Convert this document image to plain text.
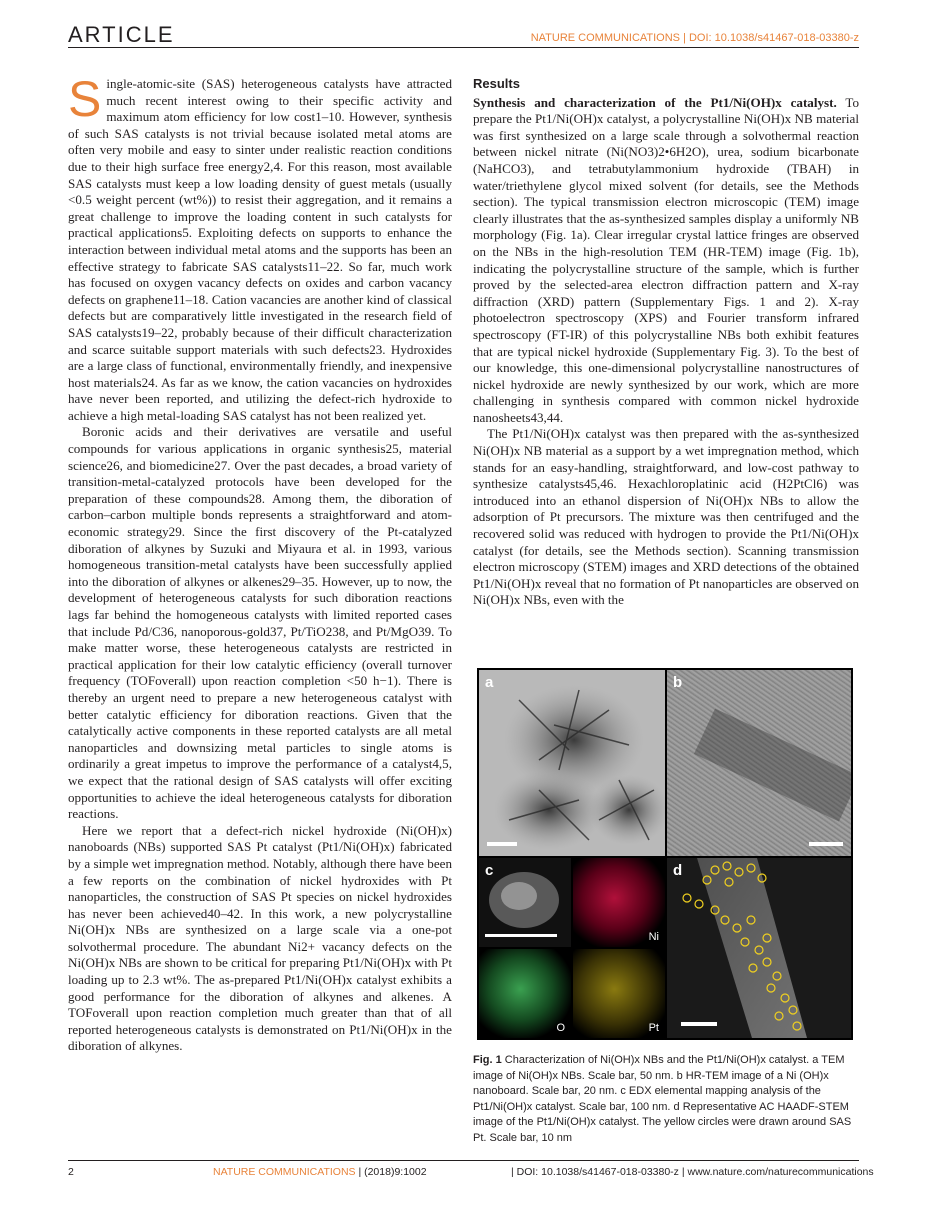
ARTICLE	NATURE COMMUNICATIONS | DOI: 10.1038/s41467-018-03380-z

Single-atomic-site (SAS) heterogeneous catalysts have attracted much recent interest owing to their specific activity and maximum atom efficiency for low cost1–10. However, synthesis of such SAS catalysts is not trivial because isolated metal atoms are often very mobile and easy to sinter under realistic reaction conditions due to their high surface free energy2,4. For this reason, most available SAS catalysts must keep a low loading density of guest metals (usually <0.5 weight percent (wt%)) to resist their aggregation, and it remains a great challenge to improve the loading content in such catalysts for practical applications5. Exploiting defects on supports to enhance the interaction between individual metal atoms and the supports has been an effective strategy to fabricate SAS catalysts11–22. So far, much work has focused on oxygen vacancy defects on oxides and carbon vacancy defects on graphene11–18. Cation vacancies are another kind of classical defects but are comparatively little investigated in the research field of SAS catalysts19–22, probably because of their difficult characterization and scarce suitable support materials with such defects23. Hydroxides are a large class of functional, environmentally friendly, and inexpensive host materials24. As far as we know, the cation vacancies on hydroxides have never been reported, and utilizing the defect-rich hydroxide to achieve a high metal-loading SAS catalyst has not been realized yet.

Boronic acids and their derivatives are versatile and useful compounds for various applications in organic synthesis25, material science26, and biomedicine27. Over the past decades, a broad variety of transition-metal-catalyzed protocols have been developed for the preparation of these compounds28. Among them, the diboration of carbon–carbon multiple bonds represents a straightforward and atom-economic strategy29. Since the first discovery of the Pt-catalyzed diboration of alkynes by Suzuki and Miyaura et al. in 1993, various homogeneous transition-metal catalysts have been successfully applied into the diboration of alkynes or alkenes29–35. However, up to now, the development of heterogeneous catalysts for such diboration reactions lags far behind the homogeneous catalysts with limited reported cases that include Pd/C36, nanoporous-gold37, Pt/TiO238, and Pt/MgO39. To make matter worse, these heterogeneous catalysts are restricted in practical application for their low catalytic efficiency (overall turnover frequency (TOFoverall) upon reaction completion <50 h−1). There is thereby an urgent need to prepare a new heterogeneous catalyst with better catalytic efficiency for diboration reactions. Given that the catalytically active components in these reported catalysts are all metal nanoparticles and downsizing metal particles to single atoms is ordinarily a great impetus to improve the performance of a catalyst4,5, we expect that the rational design of SAS catalysts will offer exciting opportunities to achieve the ideal heterogeneous catalysts for diboration reactions.

Here we report that a defect-rich nickel hydroxide (Ni(OH)x) nanoboards (NBs) supported SAS Pt catalyst (Pt1/Ni(OH)x) fabricated by a simple wet impregnation method. Notably, although there have been a few reports on the combination of nickel hydroxides with Pt nanoparticles, the construction of SAS Pt species on nickel hydroxides has never been achieved40–42. In this work, a new polycrystalline Ni(OH)x NBs are synthesized on a large scale via a one-pot solvothermal procedure. The abundant Ni2+ vacancy defects on the Ni(OH)x NBs are shown to be critical for preparing Pt1/Ni(OH)x with Pt loading up to 2.3 wt%. The as-prepared Pt1/Ni(OH)x catalyst exhibits a good performance for the diboration of alkynes and alkenes. A TOFoverall upon reaction completion much greater than that of all reported heterogeneous catalysts is demonstrated on Pt1/Ni(OH)x in the diboration of alkynes.

Results

Synthesis and characterization of the Pt1/Ni(OH)x catalyst. To prepare the Pt1/Ni(OH)x catalyst, a polycrystalline Ni(OH)x NB material was first synthesized on a large scale through a solvothermal reaction between nickel nitrate (Ni(NO3)2•6H2O), urea, sodium bicarbonate (NaHCO3), and tetrabutylammonium hydroxide (TBAH) in water/triethylene glycol mixed solvent (for details, see the Methods section). The typical transmission electron microscopic (TEM) image clearly illustrates that the as-synthesized samples display a uniformly NB morphology (Fig. 1a). Clear irregular crystal lattice fringes are observed on the NBs in the high-resolution TEM (HR-TEM) image (Fig. 1b), indicating the polycrystalline structure of the sample, which is further proved by the selected-area electron diffraction pattern and X-ray diffraction (XRD) pattern (Supplementary Figs. 1 and 2). X-ray photoelectron spectroscopy (XPS) and Fourier transform infrared spectroscopy (FT-IR) of this polycrystalline NBs both exhibit features that are typical nickel hydroxide (Supplementary Fig. 3). To the best of our knowledge, this one-dimensional polycrystalline nanostructures of nickel hydroxide are newly synthesized by our work, which are more challenging in synthesis compared with common nickel hydroxide nanosheets43,44.

The Pt1/Ni(OH)x catalyst was then prepared with the as-synthesized Ni(OH)x NB material as a support by a wet impregnation method, which stands for an easy-handling, straightforward, and low-cost pathway to synthesize catalysts45,46. Hexachloroplatinic acid (H2PtCl6) was introduced into an ethanol dispersion of Ni(OH)x NBs to allow the adsorption of Pt precursors. The mixture was then centrifuged and the recovered solid was reduced with hydrogen to provide the Pt1/Ni(OH)x catalyst (for details, see the Methods section). Scanning transmission electron microscopy (STEM) images and XRD detections of the obtained Pt1/Ni(OH)x reveal that no formation of Pt nanoparticles are observed on Ni(OH)x NBs, even with the

a	b
Ni
O	Pt
c	d
Fig. 1 Characterization of Ni(OH)x NBs and the Pt1/Ni(OH)x catalyst. a TEM image of Ni(OH)x NBs. Scale bar, 50 nm. b HR-TEM image of a Ni (OH)x nanoboard. Scale bar, 20 nm. c EDX elemental mapping analysis of the Pt1/Ni(OH)x catalyst. Scale bar, 100 nm. d Representative AC HAADF-STEM image of the Pt1/Ni(OH)x catalyst. The yellow circles were drawn around SAS Pt. Scale bar, 10 nm
2	NATURE COMMUNICATIONS | (2018)9:1002	| DOI: 10.1038/s41467-018-03380-z | www.nature.com/naturecommunications
